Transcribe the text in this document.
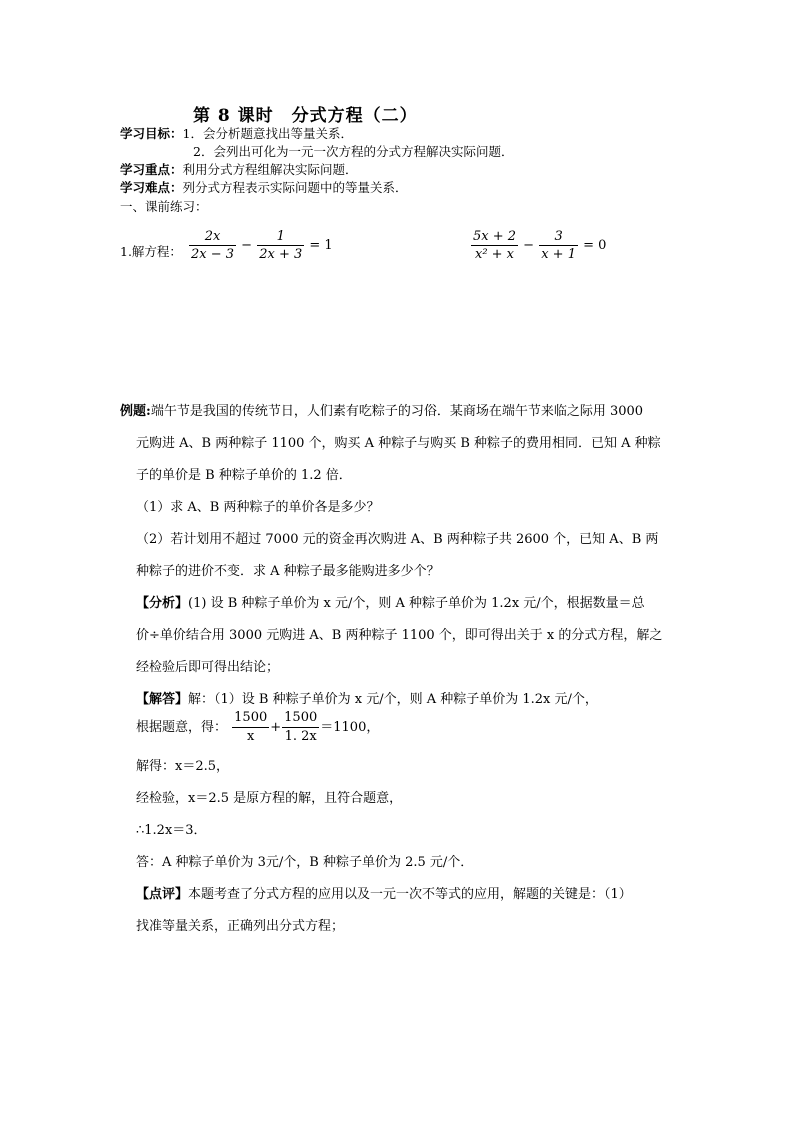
第 8 课时　分式方程（二）
学习目标：1．会分析题意找出等量关系．
2．会列出可化为一元一次方程的分式方程解决实际问题．
学习重点：利用分式方程组解决实际问题．
学习难点：列分式方程表示实际问题中的等量关系．
一、课前练习：
1.解方程： $\frac{2x}{2x - 3} - \frac{1}{2x + 3} = 1$	$\frac{5x + 2}{\text{x² + x}} - \frac{3}{x + 1} = 0$
例题:端午节是我国的传统节日，人们素有吃粽子的习俗．某商场在端午节来临之际用 3000
元购进 A、B 两种粽子 1100 个，购买 A 种粽子与购买 B 种粽子的费用相同．已知 A 种粽
子的单价是 B 种粽子单价的 1.2 倍．
（1）求 A、B 两种粽子的单价各是多少？
（2）若计划用不超过 7000 元的资金再次购进 A、B 两种粽子共 2600 个，已知 A、B 两
种粽子的进价不变．求 A 种粽子最多能购进多少个？
【分析】(1) 设 B 种粽子单价为 x 元/个，则 A 种粽子单价为 1.2x 元/个，根据数量＝总
价÷单价结合用 3000 元购进 A、B 两种粽子 1100 个，即可得出关于 x 的分式方程，解之
经检验后即可得出结论；
【解答】解：（1）设 B 种粽子单价为 x 元/个，则 A 种粽子单价为 1.2x 元/个，
根据题意，得： $\frac{1500}{x} + \frac{1500}{1. 2x} =1100$，
解得：x＝2.5，
经检验，x＝2.5 是原方程的解，且符合题意，
∴1.2x＝3．
答：A 种粽子单价为 3元/个，B 种粽子单价为 2.5 元/个．
【点评】本题考查了分式方程的应用以及一元一次不等式的应用，解题的关键是：（1）
找准等量关系，正确列出分式方程；
